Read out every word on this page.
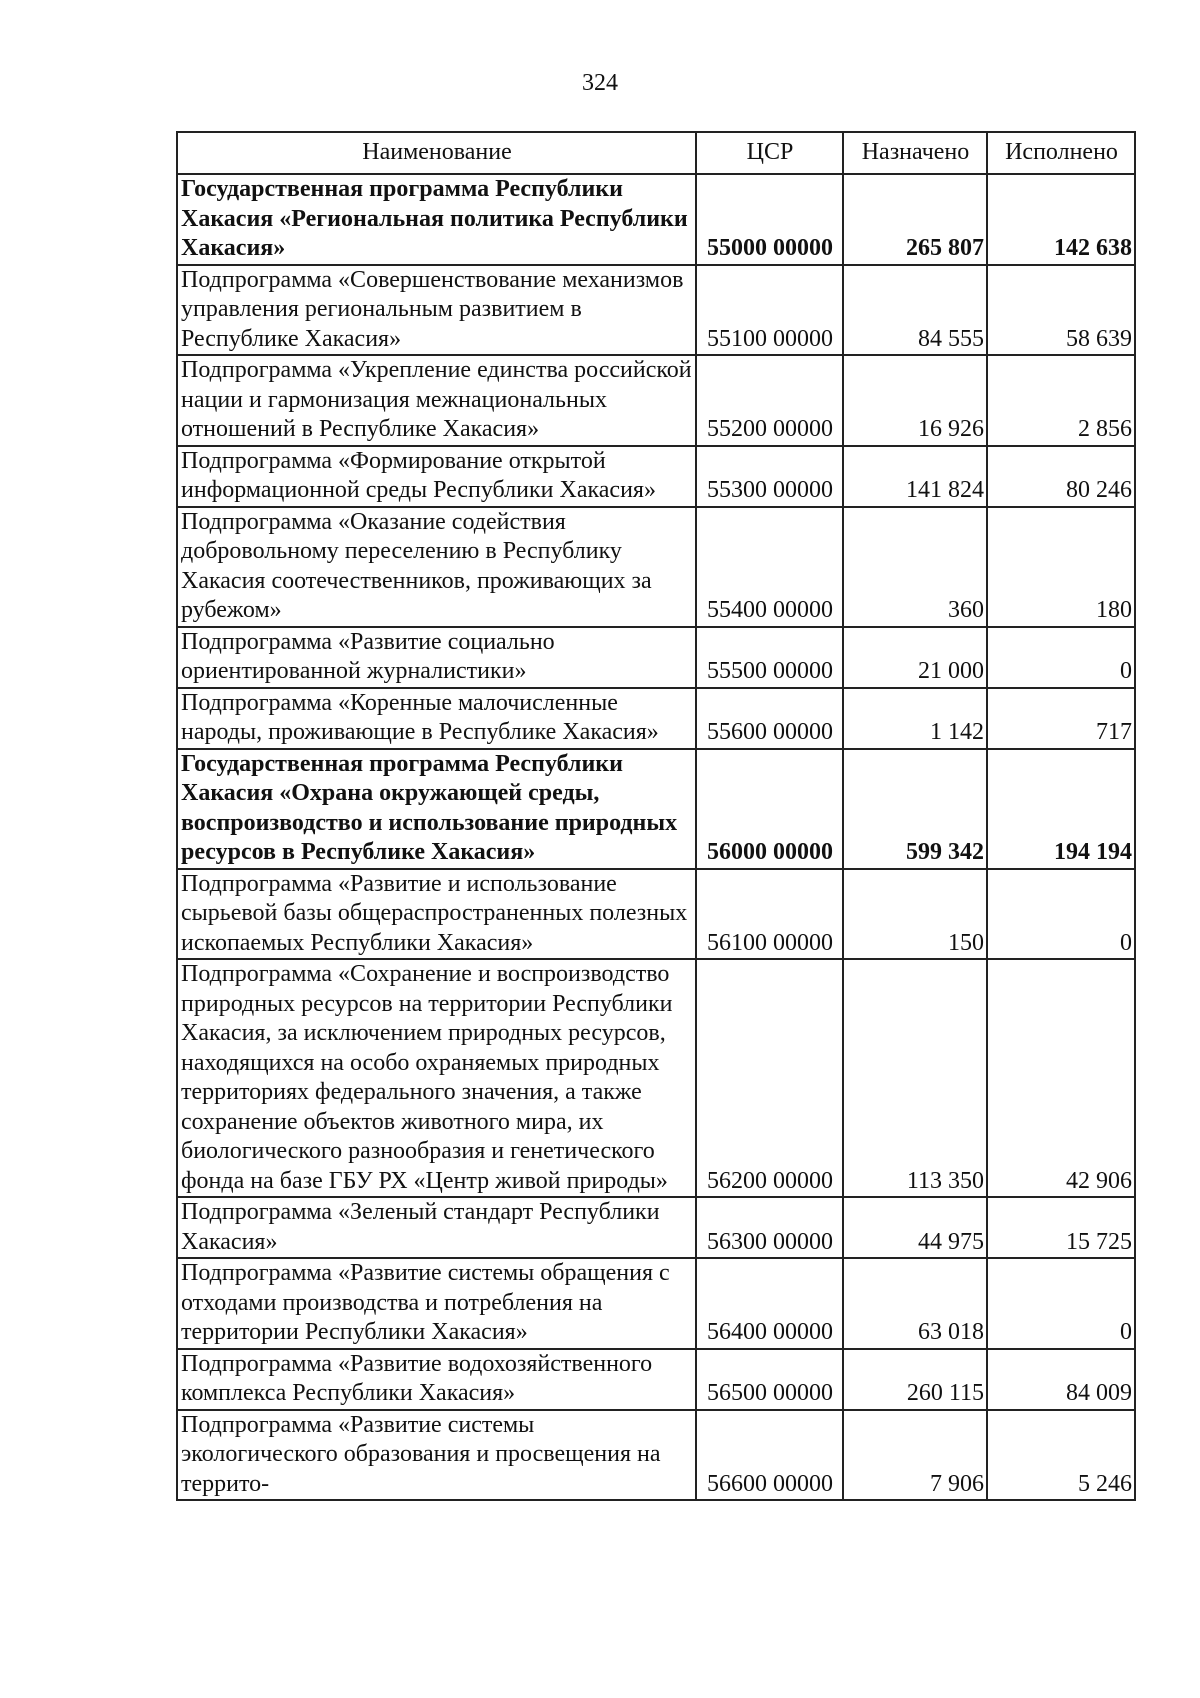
324
Наименование	ЦСР	Назначено	Исполнено
Государственная программа Республики Хакасия «Региональная политика Республики Хакасия»	55000 00000	265 807	142 638
Подпрограмма «Совершенствование механизмов управления региональным развитием в Республике Хакасия»	55100 00000	84 555	58 639
Подпрограмма «Укрепление единства российской нации и гармонизация межнациональных отношений в Республике Хакасия»	55200 00000	16 926	2 856
Подпрограмма «Формирование открытой информационной среды Республики Хакасия»	55300 00000	141 824	80 246
Подпрограмма «Оказание содействия добровольному переселению в Республику Хакасия соотечественников, проживающих за рубежом»	55400 00000	360	180
Подпрограмма «Развитие социально ориентированной журналистики»	55500 00000	21 000	0
Подпрограмма «Коренные малочисленные народы, проживающие в Республике Хакасия»	55600 00000	1 142	717
Государственная программа Республики Хакасия «Охрана окружающей среды, воспроизводство и использование природных ресурсов в Республике Хакасия»	56000 00000	599 342	194 194
Подпрограмма «Развитие и использование сырьевой базы общераспространенных полезных ископаемых Республики Хакасия»	56100 00000	150	0
Подпрограмма «Сохранение и воспроизводство природных ресурсов на территории Республики Хакасия, за исключением природных ресурсов, находящихся на особо охраняемых природных территориях федерального значения, а также сохранение объектов животного мира, их биологического разнообразия и генетического фонда на базе ГБУ РХ «Центр живой природы»	56200 00000	113 350	42 906
Подпрограмма «Зеленый стандарт Республики Хакасия»	56300 00000	44 975	15 725
Подпрограмма «Развитие системы обращения с отходами производства и потребления на территории Республики Хакасия»	56400 00000	63 018	0
Подпрограмма «Развитие водохозяйственного комплекса Республики Хакасия»	56500 00000	260 115	84 009
Подпрограмма «Развитие системы экологического образования и просвещения на террито-	56600 00000	7 906	5 246
